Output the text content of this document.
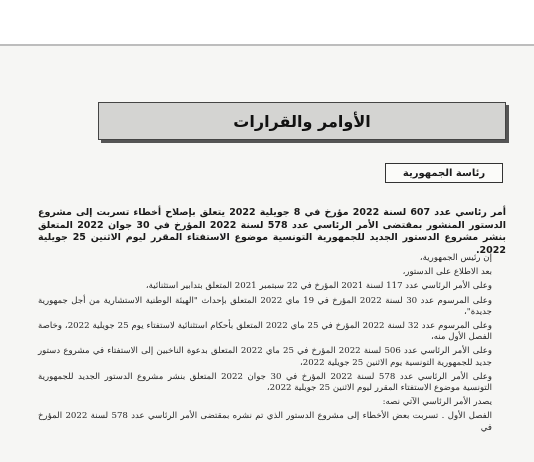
الأوامر والقرارات
رئاسة الجمهورية
أمر رئاسي عدد 607 لسنة 2022 مؤرخ في 8 جويلية 2022 يتعلق بإصلاح أخطاء تسربت إلى مشروع الدستور المنشور بمقتضى الأمر الرئاسي عدد 578 لسنة 2022 المؤرخ في 30 جوان 2022 المتعلق بنشر مشروع الدستور الجديد للجمهورية التونسية موضوع الاستفتاء المقرر ليوم الاثنين 25 جويلية 2022.

إن رئيس الجمهورية،

بعد الاطلاع على الدستور،

وعلى الأمر الرئاسي عدد 117 لسنة 2021 المؤرخ في 22 سبتمبر 2021 المتعلق بتدابير استثنائية،

وعلى المرسوم عدد 30 لسنة 2022 المؤرخ في 19 ماي 2022 المتعلق بإحداث "الهيئة الوطنية الاستشارية من أجل جمهورية جديدة"،

وعلى المرسوم عدد 32 لسنة 2022 المؤرخ في 25 ماي 2022 المتعلق بأحكام استثنائية لاستفتاء يوم 25 جويلية 2022، وخاصة الفصل الأول منه،

وعلى الأمر الرئاسي عدد 506 لسنة 2022 المؤرخ في 25 ماي 2022 المتعلق بدعوة الناخبين إلى الاستفتاء في مشروع دستور جديد للجمهورية التونسية يوم الاثنين 25 جويلية 2022،

وعلى الأمر الرئاسي عدد 578 لسنة 2022 المؤرخ في 30 جوان 2022 المتعلق بنشر مشروع الدستور الجديد للجمهورية التونسية موضوع الاستفتاء المقرر ليوم الاثنين 25 جويلية 2022،

يصدر الأمر الرئاسي الآتي نصه:

الفصل الأول . تسربت بعض الأخطاء إلى مشروع الدستور الذي تم نشره بمقتضى الأمر الرئاسي عدد 578 لسنة 2022 المؤرخ في
